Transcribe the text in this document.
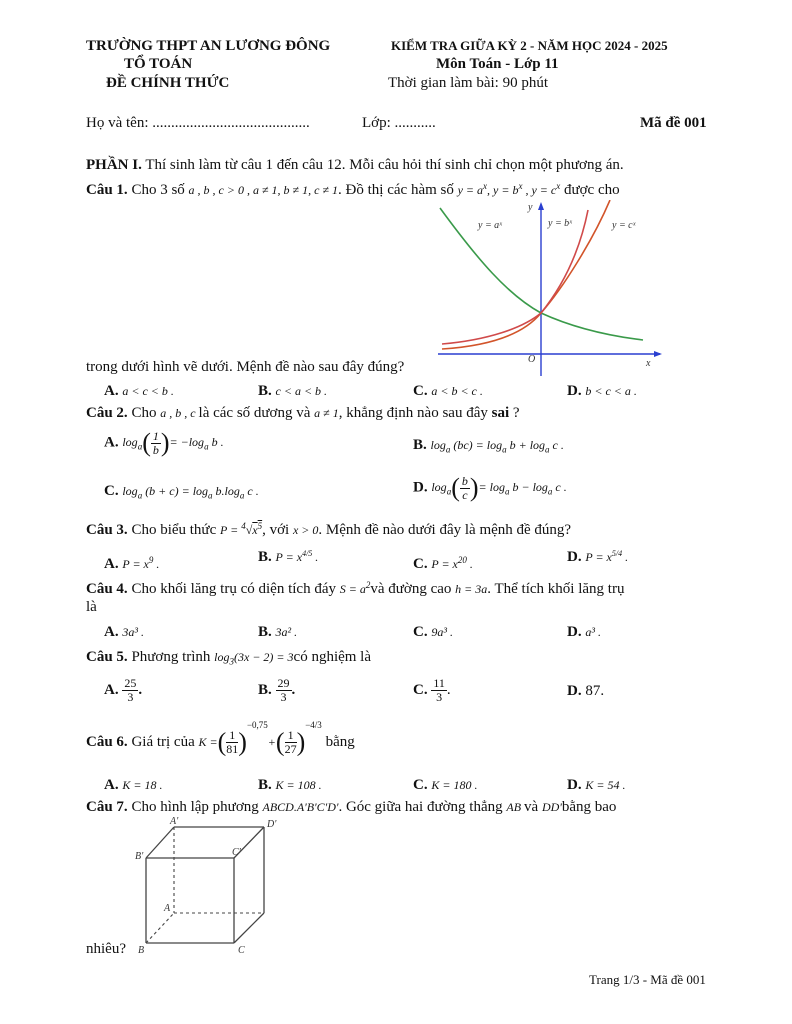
TRƯỜNG THPT AN LƯƠNG ĐÔNG
TỔ TOÁN
ĐỀ CHÍNH THỨC
KIỂM TRA GIỮA KỲ 2 - NĂM HỌC 2024 - 2025
Môn Toán - Lớp 11
Thời gian làm bài: 90 phút
Họ và tên: ..........................................	Lớp: ...........	Mã đề 001
PHẦN I. Thí sinh làm từ câu 1 đến câu 12. Mỗi câu hỏi thí sinh chỉ chọn một phương án.
Câu 1. Cho 3 số a , b , c > 0 , a ≠ 1, b ≠ 1, c ≠ 1. Đồ thị các hàm số $y = a^x$, $y = b^x$ , $y = c^x$ được cho
y = aˣ	y = bˣ	y = cˣ
y
x
O
trong dưới hình vẽ dưới. Mệnh đề nào sau đây đúng?
A. a < c < b .	B. c < a < b .	C. a < b < c .	D. b < c < a .
Câu 2. Cho a , b , c là các số dương và a ≠ 1, khẳng định nào sau đây sai ?
A. $\log_a( \frac{1}{b}$ )= $-\log_a$ b .	B. $\log_a (bc) = \log_a b + \log_a c$ .
C. $\log_a (b + c) = \log_a b.\log_a$ c .	D. $\log_a( \frac{b}{c}$ )= $\log_a b - \log_a c$ .
Câu 3. Cho biểu thức $P = ^4√x^5$, với x > 0. Mệnh đề nào dưới đây là mệnh đề đúng?
A. $P = x^9$ .	B. $P = x^{4/5}$ .	C. $P = x^{20}$ .	D. $P = x^{5/4}$ .
Câu 4. Cho khối lăng trụ có diện tích đáy $S = a^2và$ đường cao h = 3a. Thể tích khối lăng trụ
là
A. 3a³ .	B. 3a² .	C. 9a³ .	D. a³ .
Câu 5. Phương trình $\log_3(3x - 2)$ = 3có nghiệm là
A. $\frac{25}{3}$ .	B. $\frac{29}{3}$ .	C. $\frac{11}{3}$ .	D. 87.
Câu 6. Giá trị của K =( $\frac{1}{81} )^{-0,75}+( \frac{1}{27} )^{-4/3}$ bằng
A. K = 18 .	B. K = 108 .	C. K = 180 .	D. K = 54 .
Câu 7. Cho hình lập phương ABCD.A'B'C'D'. Góc giữa hai đường thẳng AB và DD'bằng bao
A'	D'
B'	C'
A
B	C
nhiêu?
Trang 1/3 - Mã đề 001
